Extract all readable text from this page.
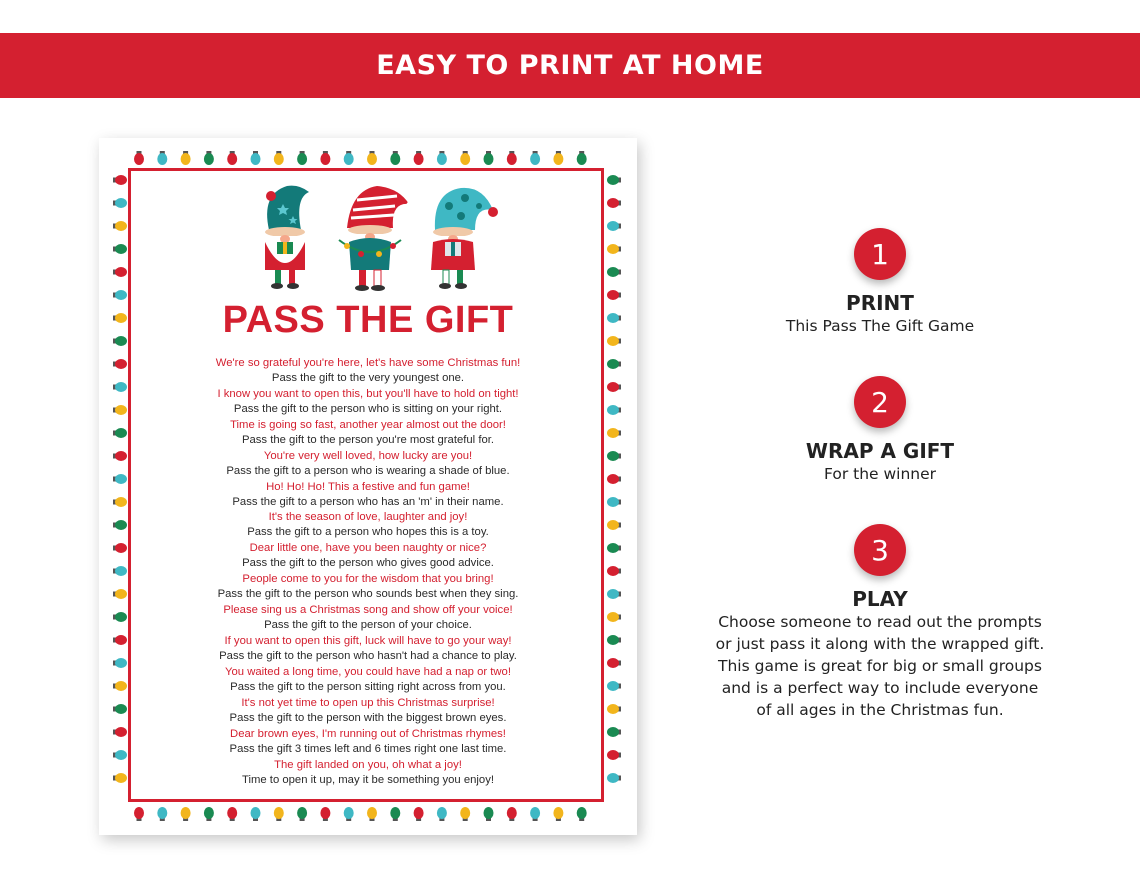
EASY TO PRINT AT HOME
PASS THE GIFT
We're so grateful you're here, let's have some Christmas fun!
Pass the gift to the very youngest one.
I know you want to open this, but you'll have to hold on tight!
Pass the gift to the person who is sitting on your right.
Time is going so fast, another year almost out the door!
Pass the gift to the person you're most grateful for.
You're very well loved, how lucky are you!
Pass the gift to a person who is wearing a shade of blue.
Ho! Ho! Ho! This a festive and fun game!
Pass the gift to a person who has an 'm' in their name.
It's the season of love, laughter and joy!
Pass the gift to a person who hopes this is a toy.
Dear little one, have you been naughty or nice?
Pass the gift to the person who gives good advice.
People come to you for the wisdom that you bring!
Pass the gift to the person who sounds best when they sing.
Please sing us a Christmas song and show off your voice!
Pass the gift to the person of your choice.
If you want to open this gift, luck will have to go your way!
Pass the gift to the person who hasn't had a chance to play.
You waited a long time, you could have had a nap or two!
Pass the gift to the person sitting right across from you.
It's not yet time to open up this Christmas surprise!
Pass the gift to the person with the biggest brown eyes.
Dear brown eyes, I'm running out of Christmas rhymes!
Pass the gift 3 times left and 6 times right one last time.
The gift landed on you, oh what a joy!
Time to open it up, may it be something you enjoy!
1
PRINT
This Pass The Gift Game
2
WRAP A GIFT
For the winner
3
PLAY
Choose someone to read out the prompts
or just pass it along with the wrapped gift.
This game is great for big or small groups
and is a perfect way to include everyone
of all ages in the Christmas fun.
